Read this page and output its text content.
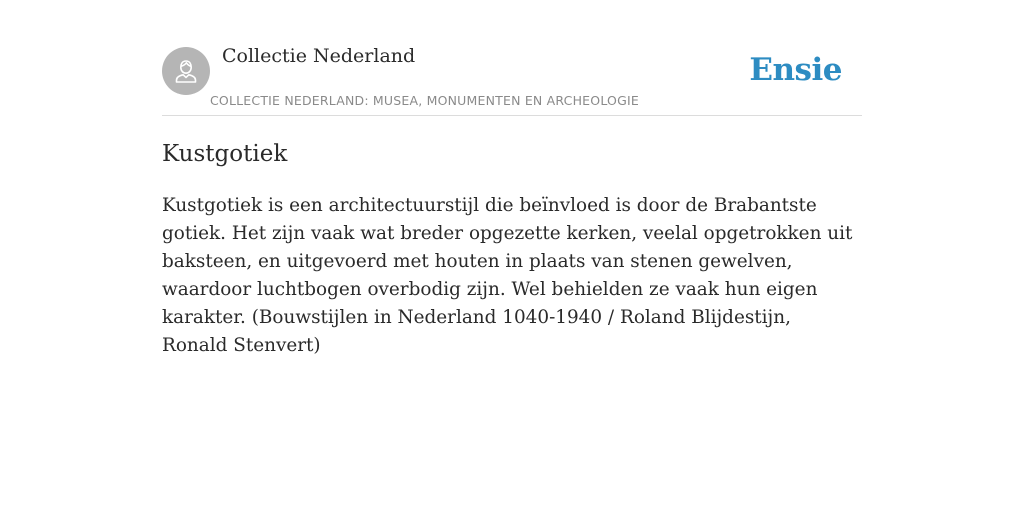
Collectie Nederland
COLLECTIE NEDERLAND: MUSEA, MONUMENTEN EN ARCHEOLOGIE
Ensie
Kustgotiek

Kustgotiek is een architectuurstijl die beïnvloed is door de Brabantste gotiek. Het zijn vaak wat breder opgezette kerken, veelal opgetrokken uit baksteen, en uitgevoerd met houten in plaats van stenen gewelven, waardoor luchtbogen overbodig zijn. Wel behielden ze vaak hun eigen karakter. (Bouwstijlen in Nederland 1040-1940 / Roland Blijdestijn, Ronald Stenvert)
